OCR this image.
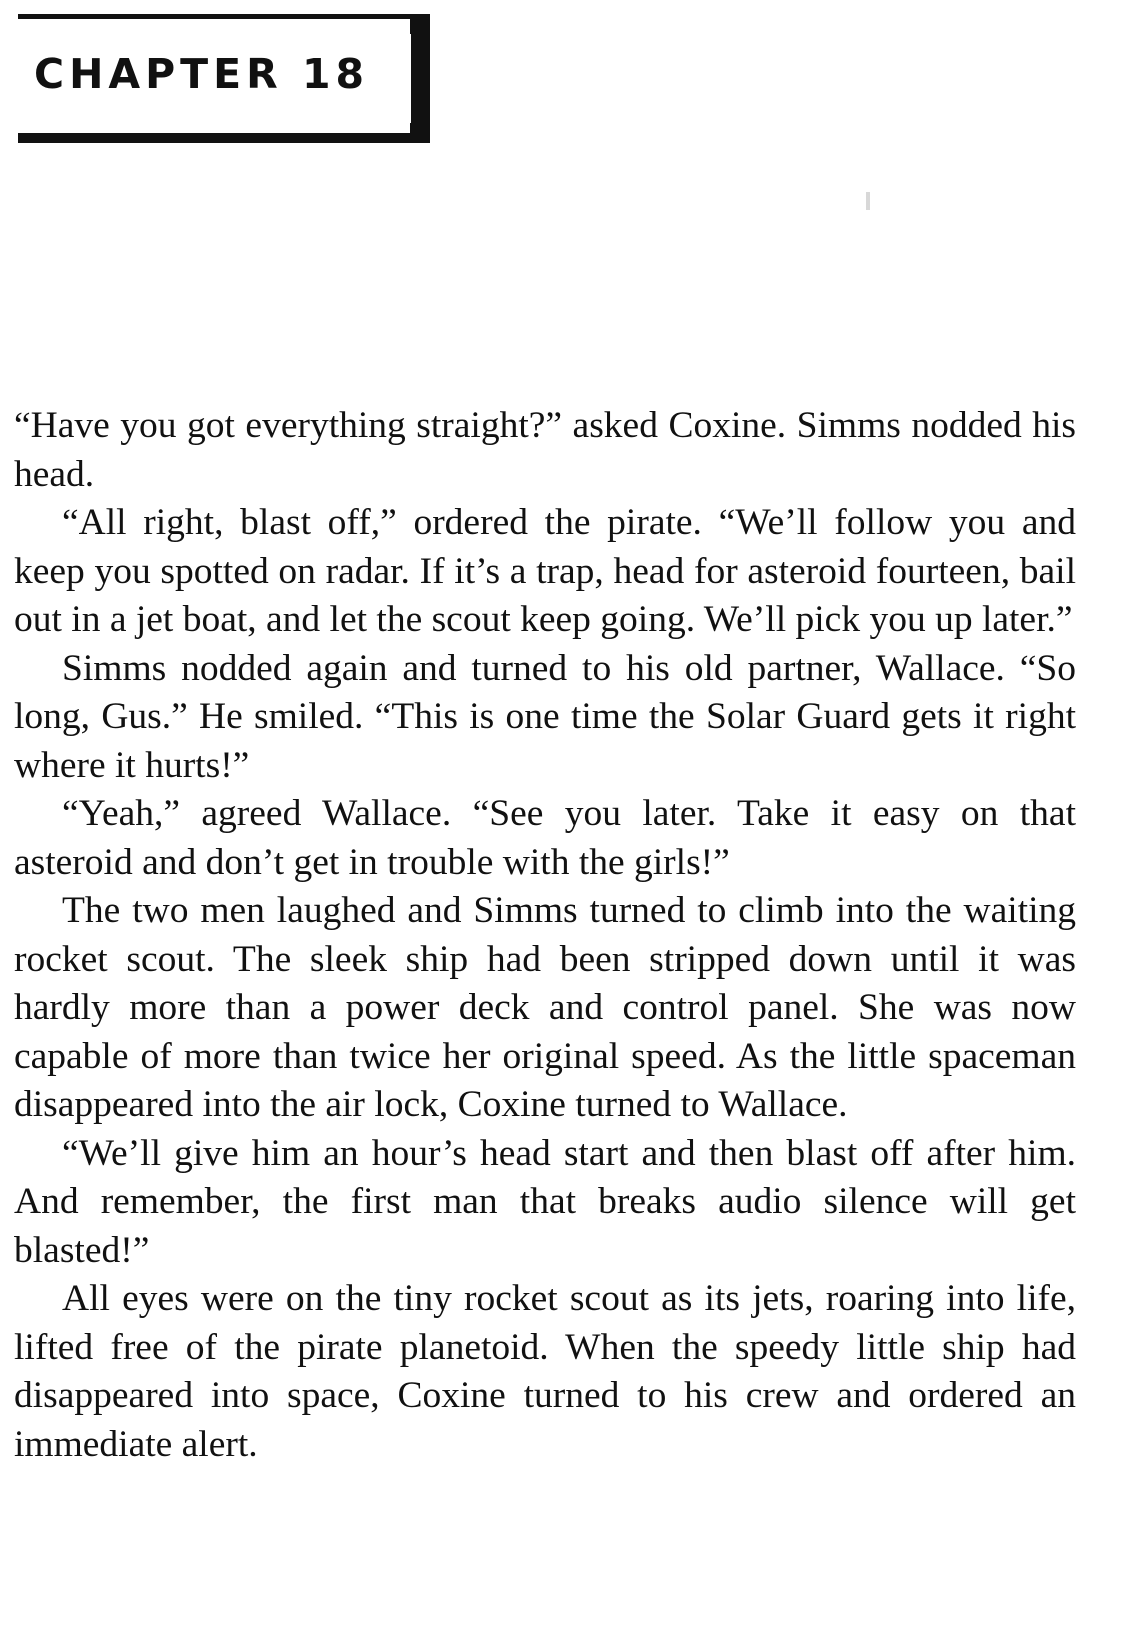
CHAPTER 18

“Have you got everything straight?” asked Coxine. Simms nodded his head.

“All right, blast off,” ordered the pirate. “We’ll follow you and keep you spotted on radar. If it’s a trap, head for asteroid fourteen, bail out in a jet boat, and let the scout keep going. We’ll pick you up later.”

Simms nodded again and turned to his old partner, Wallace. “So long, Gus.” He smiled. “This is one time the Solar Guard gets it right where it hurts!”

“Yeah,” agreed Wallace. “See you later. Take it easy on that asteroid and don’t get in trouble with the girls!”

The two men laughed and Simms turned to climb into the waiting rocket scout. The sleek ship had been stripped down until it was hardly more than a power deck and control panel. She was now capable of more than twice her original speed. As the little spaceman disappeared into the air lock, Coxine turned to Wallace.

“We’ll give him an hour’s head start and then blast off after him. And remember, the first man that breaks audio silence will get blasted!”

All eyes were on the tiny rocket scout as its jets, roaring into life, lifted free of the pirate planetoid. When the speedy little ship had disappeared into space, Coxine turned to his crew and ordered an immediate alert.
